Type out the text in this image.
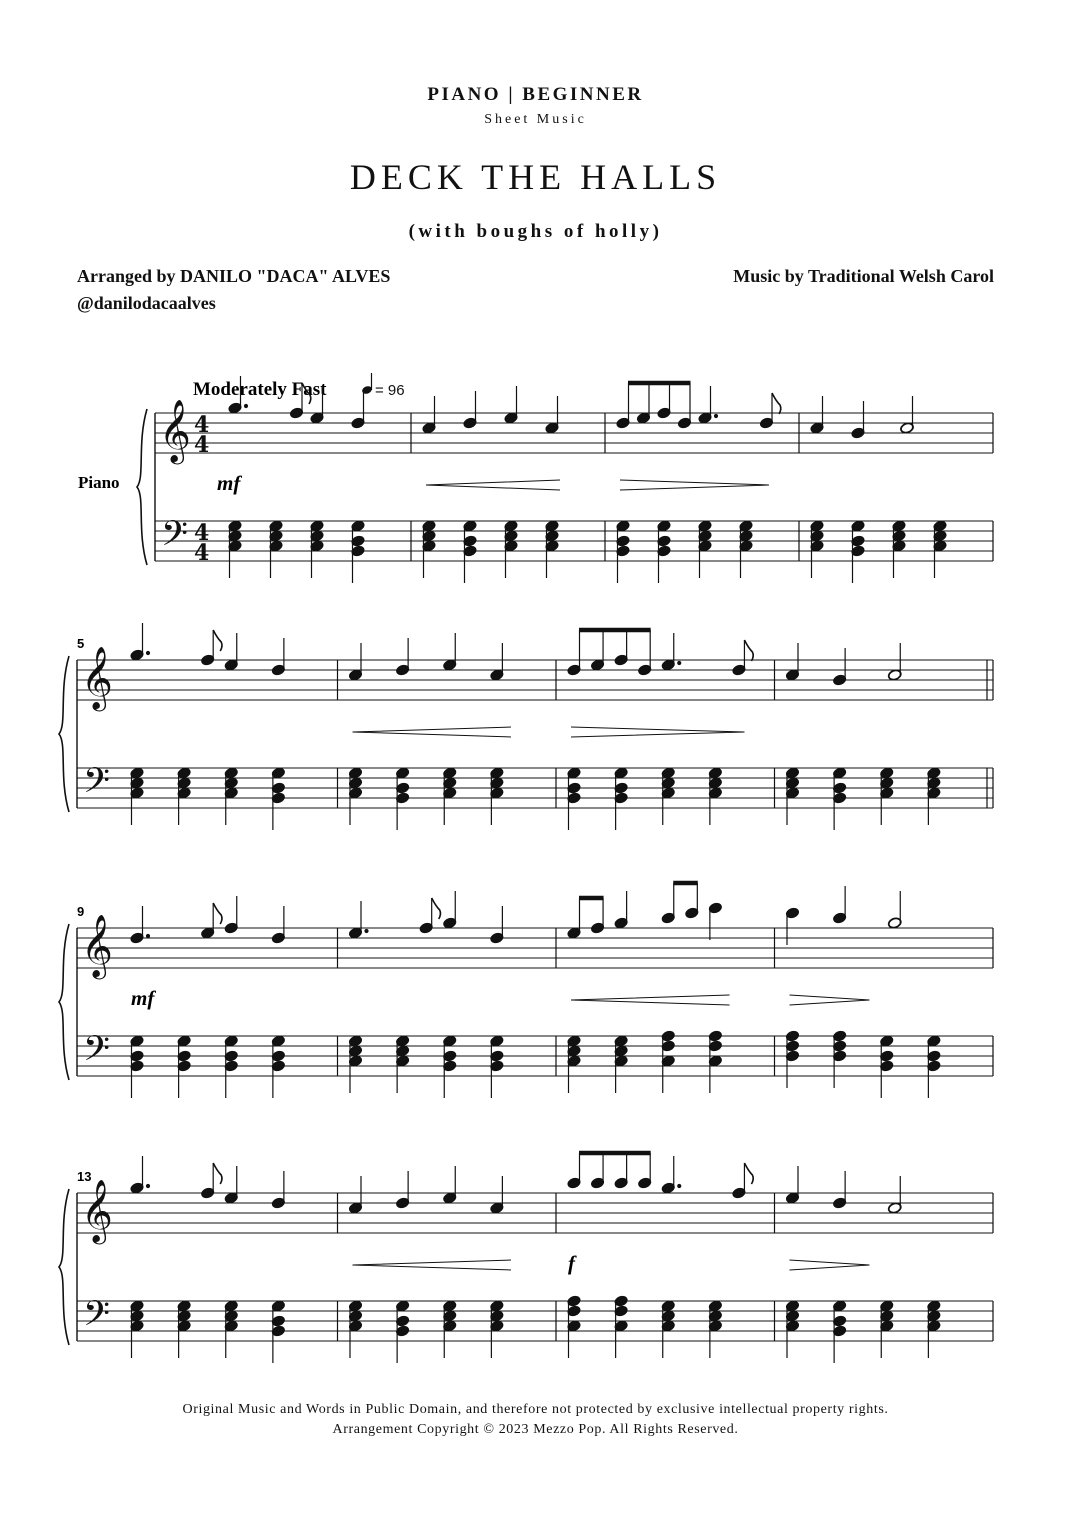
PIANO | BEGINNER
Sheet Music
DECK THE HALLS
(with boughs of holly)
Arranged by DANILO "DACA" ALVES
@danilodacaalves
Music by Traditional Welsh Carol
𝄞
𝄢
4
4
4
4
Piano
Moderately Fast	= 96
mf
𝄞
𝄢
5
𝄞
𝄢
9
mf
𝄞
𝄢
13
f
Original Music and Words in Public Domain, and therefore not protected by exclusive intellectual property rights.
Arrangement Copyright © 2023 Mezzo Pop. All Rights Reserved.
